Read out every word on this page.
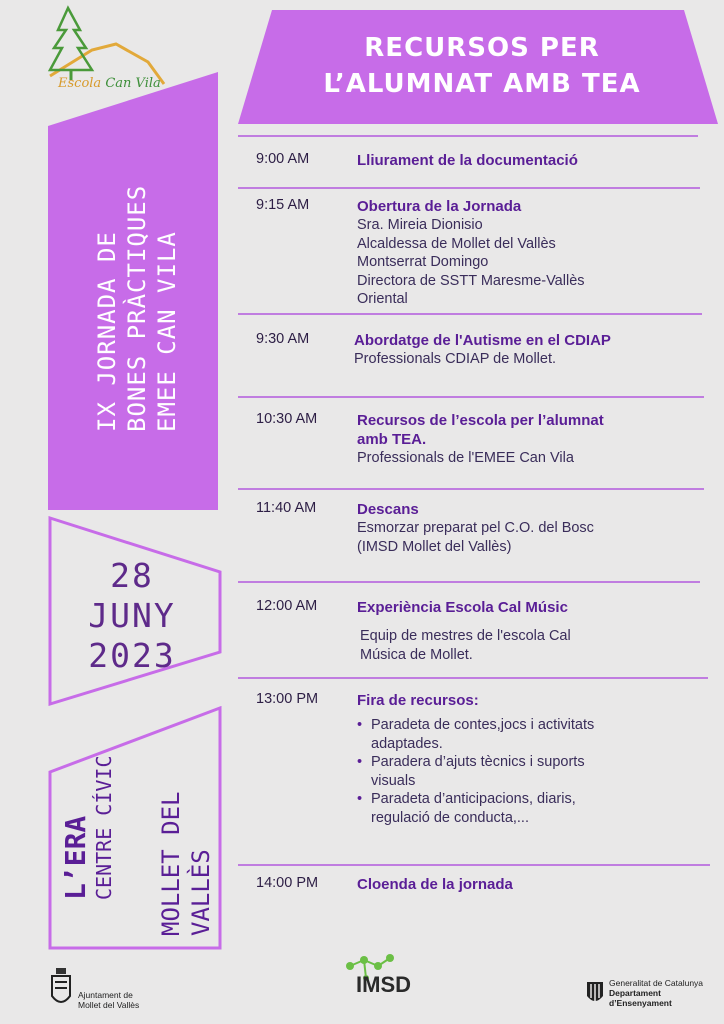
Escola Can Vila
RECURSOS PER
L’ALUMNAT AMB TEA
IX JORNADA DE BONES PRÀCTIQUES EMEE CAN VILA
28
JUNY
2023
L’ERA CENTRE CÍVIC MOLLET DEL VALLÈS
9:00 AM	Lliurament de la documentació
9:15 AM	Obertura de la Jornada
Sra. Mireia Dionisio
Alcaldessa de Mollet del Vallès
Montserrat Domingo
Directora de SSTT Maresme-Vallès
Oriental
9:30 AM	Abordatge de l'Autisme en el CDIAP
Professionals CDIAP de Mollet.
10:30 AM	Recursos de l’escola per l’alumnat
amb TEA.
Professionals de l'EMEE Can Vila
11:40 AM	Descans
Esmorzar preparat pel C.O. del Bosc
(IMSD Mollet del Vallès)
12:00 AM	Experiència Escola Cal Músic
Equip de mestres de l'escola Cal
Música de Mollet.
13:00 PM	Fira de recursos:
• Paradeta de contes,jocs i activitats
adaptades.
• Paradera d’ajuts tècnics i suports
visuals
• Paradeta d’anticipacions, diaris,
regulació de conducta,...
14:00 PM	Cloenda de la jornada
Ajuntament de
Mollet del Vallès
IMSD	Generalitat de Catalunya
Departament
d’Ensenyament
